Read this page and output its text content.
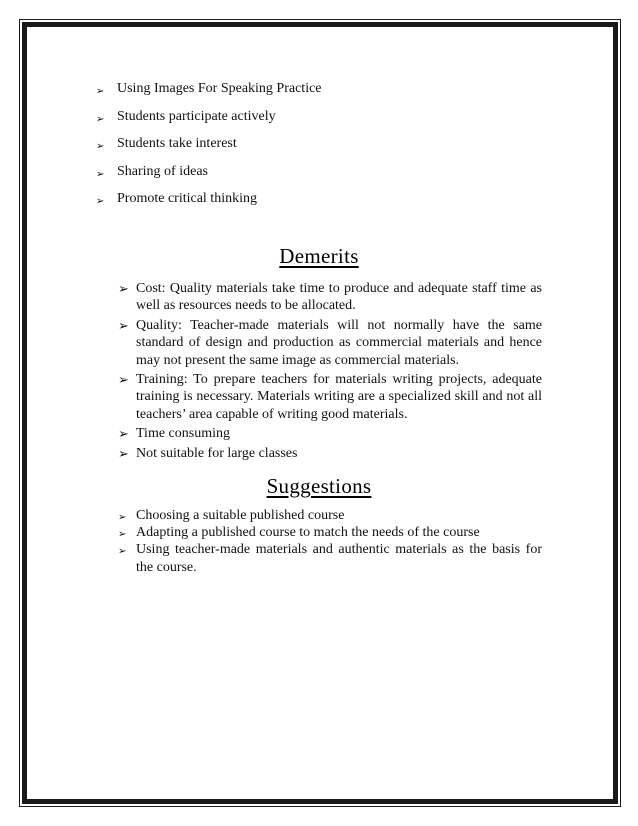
➢ Using Images For Speaking Practice
➢ Students participate actively
➢ Students take interest
➢ Sharing of ideas
➢ Promote critical thinking
Demerits
➢ Cost: Quality materials take time to produce and adequate staff time as well as resources needs to be allocated.
➢ Quality: Teacher-made materials will not normally have the same standard of design and production as commercial materials and hence may not present the same image as commercial materials.
➢ Training: To prepare teachers for materials writing projects, adequate training is necessary. Materials writing are a specialized skill and not all teachers’ area capable of writing good materials.
➢ Time consuming
➢ Not suitable for large classes
Suggestions
➢ Choosing a suitable published course
➢ Adapting a published course to match the needs of the course
➢ Using teacher-made materials and authentic materials as the basis for the course.
